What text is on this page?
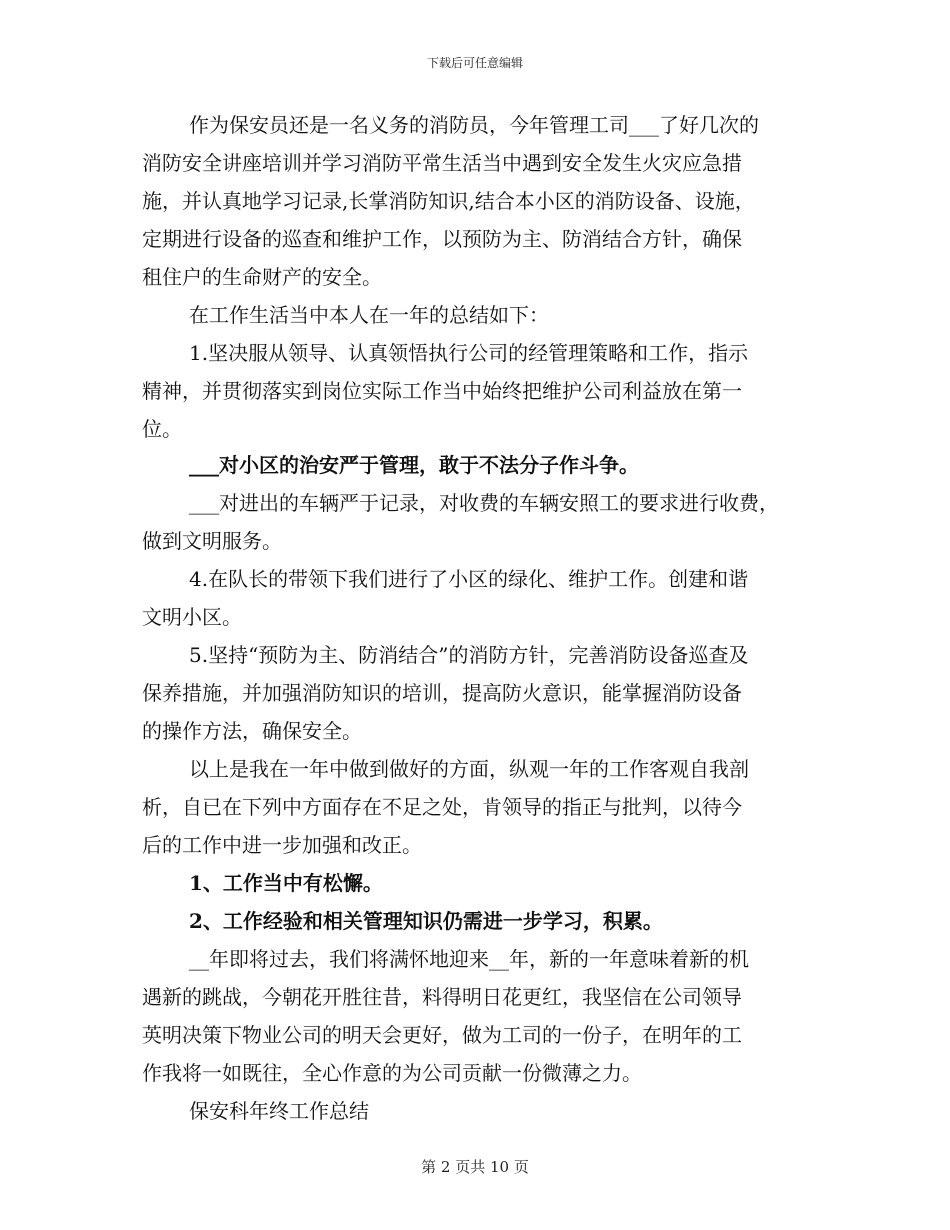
下载后可任意编辑
作为保安员还是一名义务的消防员，今年管理工司___了好几次的
消防安全讲座培训并学习消防平常生活当中遇到安全发生火灾应急措
施，并认真地学习记录,长掌消防知识,结合本小区的消防设备、设施，
定期进行设备的巡查和维护工作，以预防为主、防消结合方针，确保
租住户的生命财产的安全。
在工作生活当中本人在一年的总结如下：
1.坚决服从领导、认真领悟执行公司的经管理策略和工作，指示
精神，并贯彻落实到岗位实际工作当中始终把维护公司利益放在第一
位。
___对小区的治安严于管理，敢于不法分子作斗争。
___对进出的车辆严于记录，对收费的车辆安照工的要求进行收费，
做到文明服务。
4.在队长的带领下我们进行了小区的绿化、维护工作。创建和谐
文明小区。
5.坚持“预防为主、防消结合”的消防方针，完善消防设备巡查及
保养措施，并加强消防知识的培训，提高防火意识，能掌握消防设备
的操作方法，确保安全。
以上是我在一年中做到做好的方面，纵观一年的工作客观自我剖
析，自已在下列中方面存在不足之处，肯领导的指正与批判，以待今
后的工作中进一步加强和改正。
1、工作当中有松懈。
2、工作经验和相关管理知识仍需进一步学习，积累。
__年即将过去，我们将满怀地迎来__年，新的一年意味着新的机
遇新的跳战，今朝花开胜往昔，料得明日花更红，我坚信在公司领导
英明决策下物业公司的明天会更好，做为工司的一份子，在明年的工
作我将一如既往，全心作意的为公司贡献一份微薄之力。
保安科年终工作总结
第 2 页共 10 页
